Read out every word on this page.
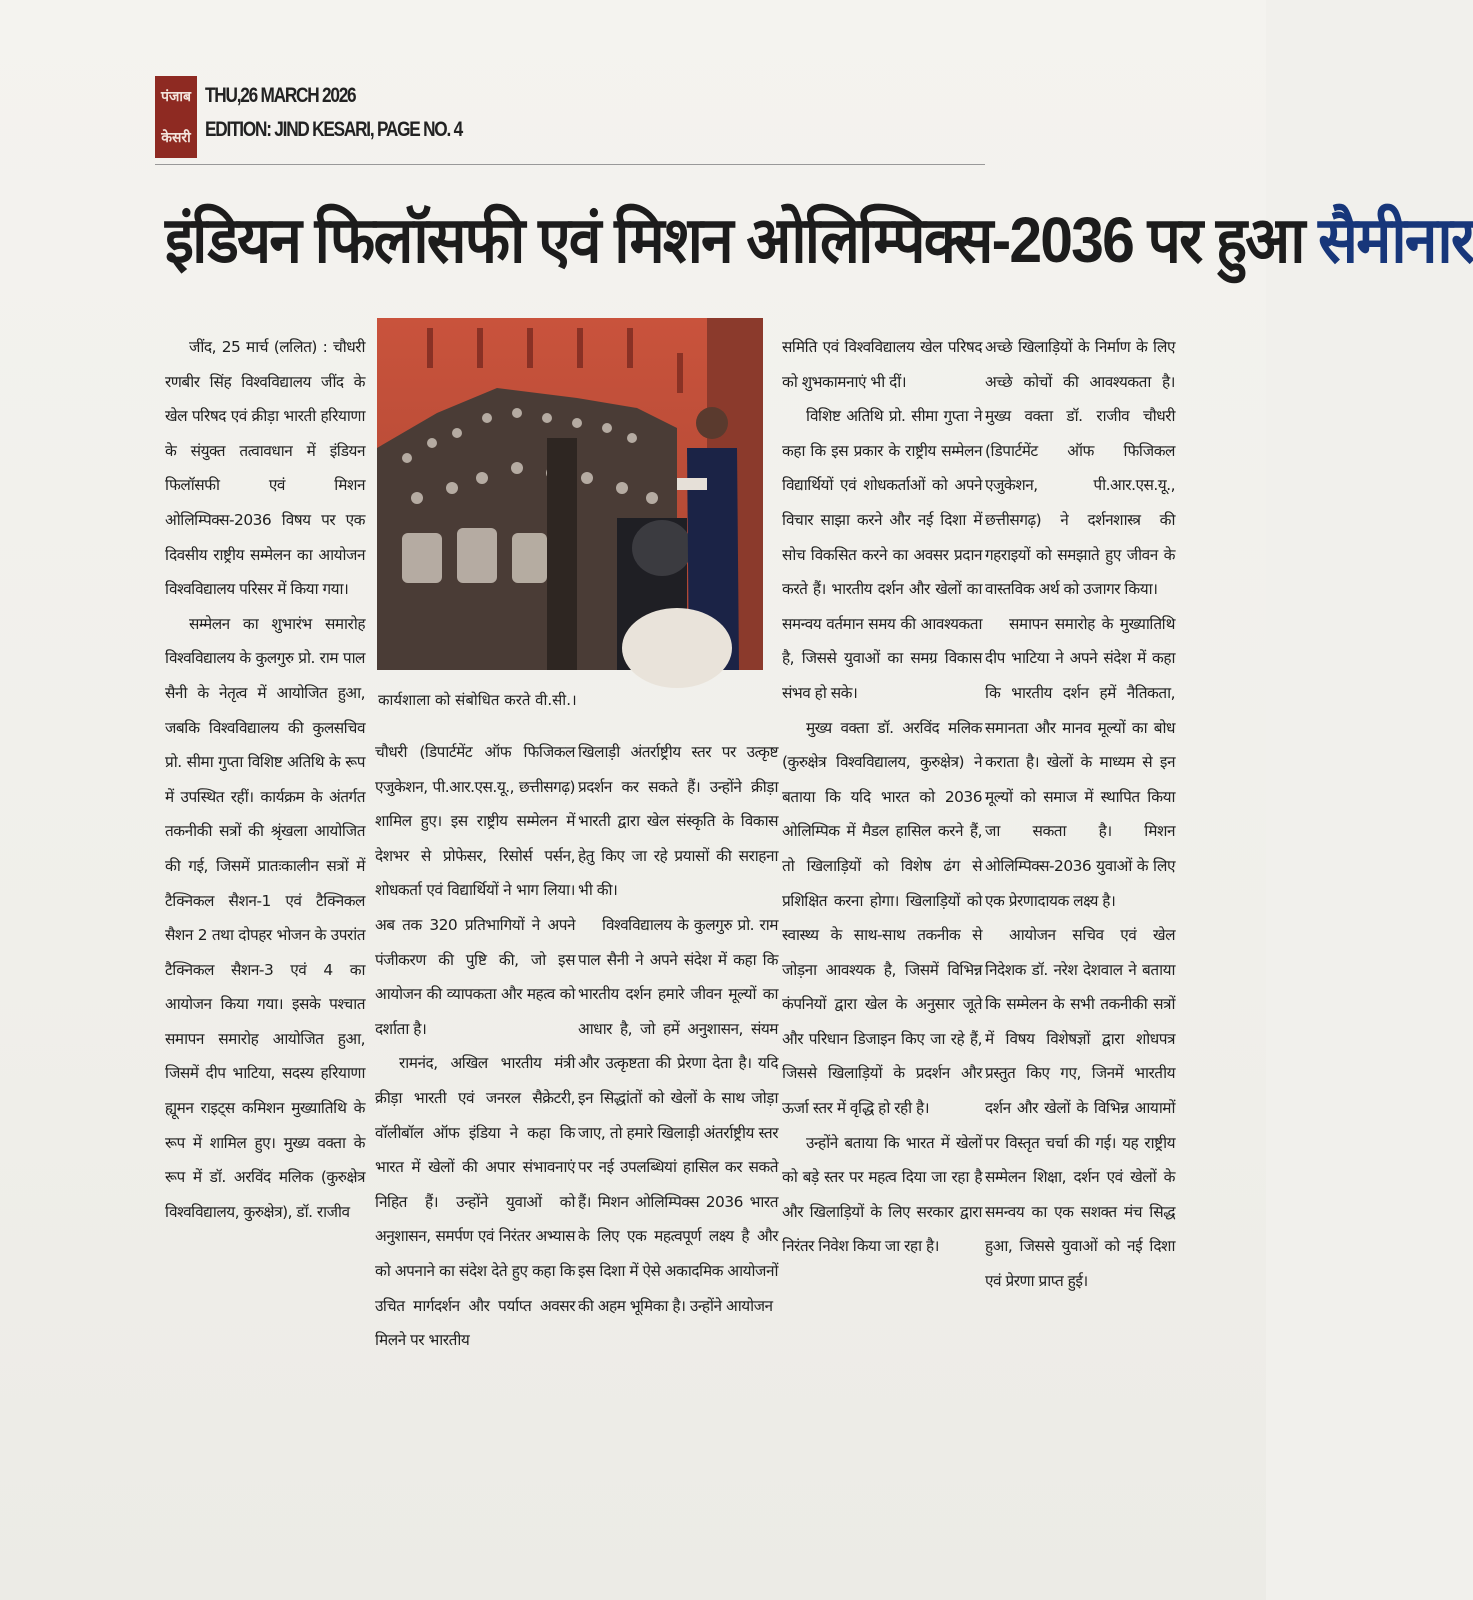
पंजाब
केसरी
THU,26 MARCH 2026
EDITION: JIND KESARI, PAGE NO. 4
इंडियन फिलॉसफी एवं मिशन ओलिम्पिक्स-2036 पर हुआ सैमीनार

जींद, 25 मार्च (ललित) : चौधरी रणबीर सिंह विश्वविद्यालय जींद के खेल परिषद एवं क्रीड़ा भारती हरियाणा के संयुक्त तत्वावधान में इंडियन फिलॉसफी एवं मिशन ओलिम्पिक्स-2036 विषय पर एक दिवसीय राष्ट्रीय सम्मेलन का आयोजन विश्वविद्यालय परिसर में किया गया।

सम्मेलन का शुभारंभ समारोह विश्वविद्यालय के कुलगुरु प्रो. राम पाल सैनी के नेतृत्व में आयोजित हुआ, जबकि विश्वविद्यालय की कुलसचिव प्रो. सीमा गुप्ता विशिष्ट अतिथि के रूप में उपस्थित रहीं। कार्यक्रम के अंतर्गत तकनीकी सत्रों की श्रृंखला आयोजित की गई, जिसमें प्रातःकालीन सत्रों में टैक्निकल सैशन-1 एवं टैक्निकल सैशन 2 तथा दोपहर भोजन के उपरांत टैक्निकल सैशन-3 एवं 4 का आयोजन किया गया। इसके पश्चात समापन समारोह आयोजित हुआ, जिसमें दीप भाटिया, सदस्य हरियाणा ह्यूमन राइट्स कमिशन मुख्यातिथि के रूप में शामिल हुए। मुख्य वक्ता के रूप में डॉ. अरविंद मलिक (कुरुक्षेत्र विश्वविद्यालय, कुरुक्षेत्र), डॉ. राजीव

कार्यशाला को संबोधित करते वी.सी.।

चौधरी (डिपार्टमेंट ऑफ फिजिकल एजुकेशन, पी.आर.एस.यू., छत्तीसगढ़) शामिल हुए। इस राष्ट्रीय सम्मेलन में देशभर से प्रोफेसर, रिसोर्स पर्सन, शोधकर्ता एवं विद्यार्थियों ने भाग लिया। अब तक 320 प्रतिभागियों ने अपने पंजीकरण की पुष्टि की, जो इस आयोजन की व्यापकता और महत्व को दर्शाता है।

रामनंद, अखिल भारतीय मंत्री क्रीड़ा भारती एवं जनरल सैक्रेटरी, वॉलीबॉल ऑफ इंडिया ने कहा कि भारत में खेलों की अपार संभावनाएं निहित हैं। उन्होंने युवाओं को अनुशासन, समर्पण एवं निरंतर अभ्यास को अपनाने का संदेश देते हुए कहा कि उचित मार्गदर्शन और पर्याप्त अवसर मिलने पर भारतीय

खिलाड़ी अंतर्राष्ट्रीय स्तर पर उत्कृष्ट प्रदर्शन कर सकते हैं। उन्होंने क्रीड़ा भारती द्वारा खेल संस्कृति के विकास हेतु किए जा रहे प्रयासों की सराहना भी की।

विश्वविद्यालय के कुलगुरु प्रो. राम पाल सैनी ने अपने संदेश में कहा कि भारतीय दर्शन हमारे जीवन मूल्यों का आधार है, जो हमें अनुशासन, संयम और उत्कृष्टता की प्रेरणा देता है। यदि इन सिद्धांतों को खेलों के साथ जोड़ा जाए, तो हमारे खिलाड़ी अंतर्राष्ट्रीय स्तर पर नई उपलब्धियां हासिल कर सकते हैं। मिशन ओलिम्पिक्स 2036 भारत के लिए एक महत्वपूर्ण लक्ष्य है और इस दिशा में ऐसे अकादमिक आयोजनों की अहम भूमिका है। उन्होंने आयोजन

समिति एवं विश्वविद्यालय खेल परिषद को शुभकामनाएं भी दीं।

विशिष्ट अतिथि प्रो. सीमा गुप्ता ने कहा कि इस प्रकार के राष्ट्रीय सम्मेलन विद्यार्थियों एवं शोधकर्ताओं को अपने विचार साझा करने और नई दिशा में सोच विकसित करने का अवसर प्रदान करते हैं। भारतीय दर्शन और खेलों का समन्वय वर्तमान समय की आवश्यकता है, जिससे युवाओं का समग्र विकास संभव हो सके।

मुख्य वक्ता डॉ. अरविंद मलिक (कुरुक्षेत्र विश्वविद्यालय, कुरुक्षेत्र) ने बताया कि यदि भारत को 2036 ओलिम्पिक में मैडल हासिल करने हैं, तो खिलाड़ियों को विशेष ढंग से प्रशिक्षित करना होगा। खिलाड़ियों को स्वास्थ्य के साथ-साथ तकनीक से जोड़ना आवश्यक है, जिसमें विभिन्न कंपनियों द्वारा खेल के अनुसार जूते और परिधान डिजाइन किए जा रहे हैं, जिससे खिलाड़ियों के प्रदर्शन और ऊर्जा स्तर में वृद्धि हो रही है।

उन्होंने बताया कि भारत में खेलों को बड़े स्तर पर महत्व दिया जा रहा है और खिलाड़ियों के लिए सरकार द्वारा निरंतर निवेश किया जा रहा है।

अच्छे खिलाड़ियों के निर्माण के लिए अच्छे कोचों की आवश्यकता है। मुख्य वक्ता डॉ. राजीव चौधरी (डिपार्टमेंट ऑफ फिजिकल एजुकेशन, पी.आर.एस.यू., छत्तीसगढ़) ने दर्शनशास्त्र की गहराइयों को समझाते हुए जीवन के वास्तविक अर्थ को उजागर किया।

समापन समारोह के मुख्यातिथि दीप भाटिया ने अपने संदेश में कहा कि भारतीय दर्शन हमें नैतिकता, समानता और मानव मूल्यों का बोध कराता है। खेलों के माध्यम से इन मूल्यों को समाज में स्थापित किया जा सकता है। मिशन ओलिम्पिक्स-2036 युवाओं के लिए एक प्रेरणादायक लक्ष्य है।

आयोजन सचिव एवं खेल निदेशक डॉ. नरेश देशवाल ने बताया कि सम्मेलन के सभी तकनीकी सत्रों में विषय विशेषज्ञों द्वारा शोधपत्र प्रस्तुत किए गए, जिनमें भारतीय दर्शन और खेलों के विभिन्न आयामों पर विस्तृत चर्चा की गई। यह राष्ट्रीय सम्मेलन शिक्षा, दर्शन एवं खेलों के समन्वय का एक सशक्त मंच सिद्ध हुआ, जिससे युवाओं को नई दिशा एवं प्रेरणा प्राप्त हुई।
